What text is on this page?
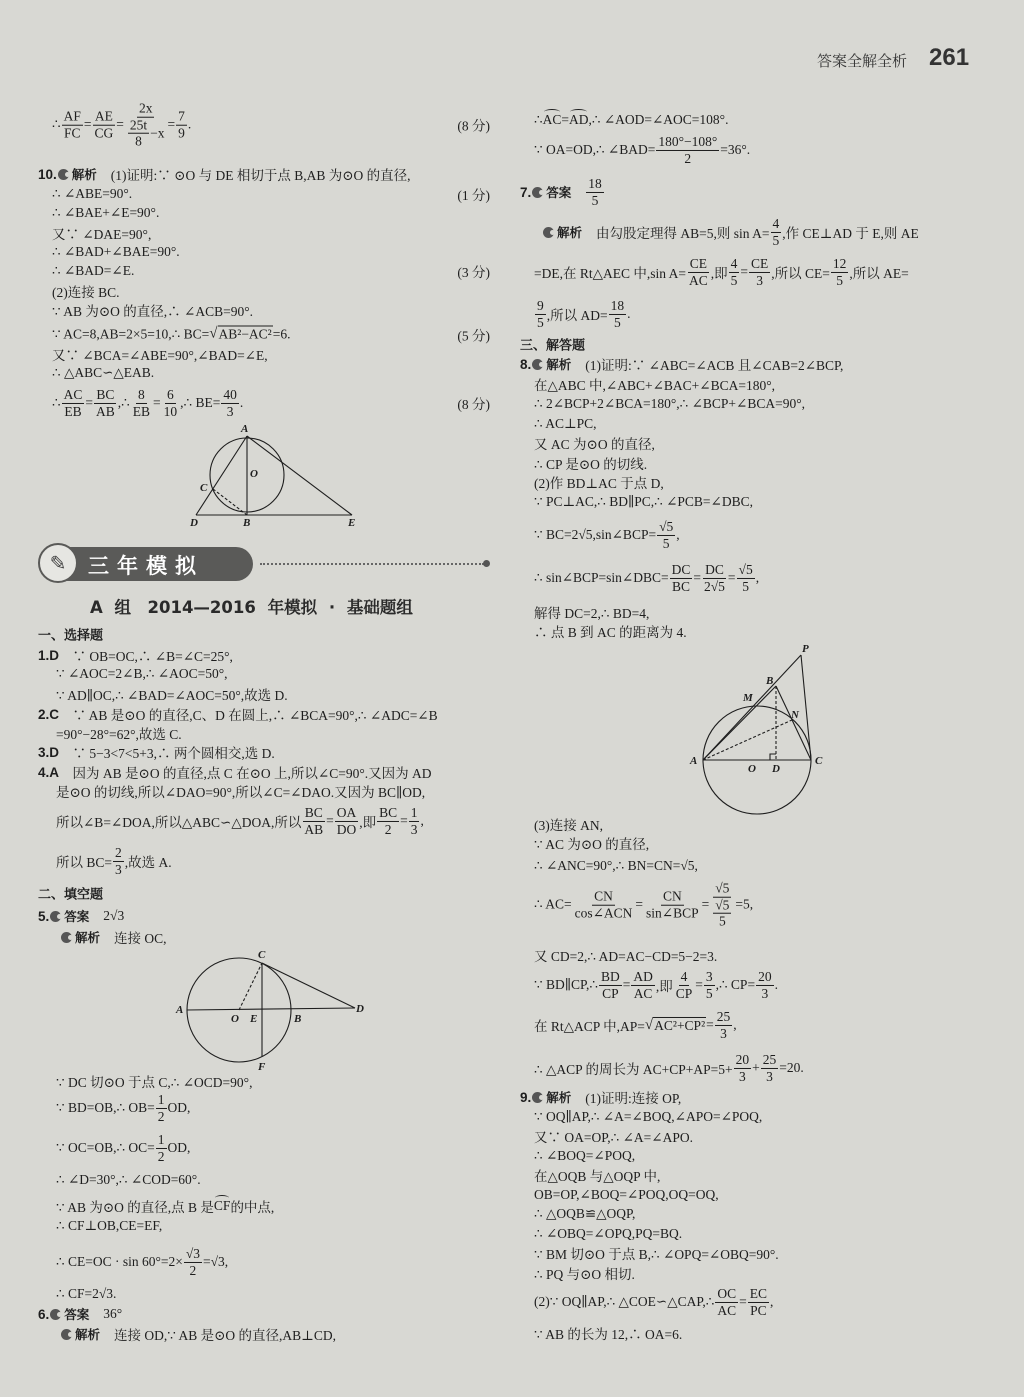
答案全解全析 261
∴ $\frac{AF}{FC} = \frac{AE}{CG} = \frac{2x}{\frac{25t}{8} -x} = \frac{7}{9}$ .	(8 分)
10. 解析 (1)证明:∵ ⊙O 与 DE 相切于点 B,AB 为⊙O 的直径,
∴ ∠ABE=90°.	(1 分)
∴ ∠BAE+∠E=90°.
又∵ ∠DAE=90°,
∴ ∠BAD+∠BAE=90°.
∴ ∠BAD=∠E.	(3 分)
(2)连接 BC.
∵ AB 为⊙O 的直径,∴ ∠ACB=90°.
∵ AC=8,AB=2×5=10,∴ BC= √ AB²−AC² =6.	(5 分)
又∵ ∠BCA=∠ABE=90°,∠BAD=∠E,
∴ △ABC∽△EAB.
∴ $\frac{AC}{EB} = \frac{BC}{AB}$ ,∴ $\frac{8}{EB} = \frac{6}{10}$ ,∴ $BE= \frac{40}{3}$ .	(8 分)
一、选择题
1.D 　∵ OB=OC,∴ ∠B=∠C=25°,
∵ ∠AOC=2∠B,∴ ∠AOC=50°,
∵ AD∥OC,∴ ∠BAD=∠AOC=50°,故选 D.
2.C 　∵ AB 是⊙O 的直径,C、D 在圆上,∴ ∠BCA=90°,∴ ∠ADC=∠B
=90°−28°=62°,故选 C.
3.D 　∵ 5−3<7<5+3,∴ 两个圆相交,选 D.
4.A 　因为 AB 是⊙O 的直径,点 C 在⊙O 上,所以∠C=90°.又因为 AD
是⊙O 的切线,所以∠DAO=90°,所以∠C=∠DAO.又因为 BC∥OD,
所以∠B=∠DOA,所以△ABC∽△DOA,所以 $\frac{BC}{AB} = \frac{OA}{DO}$ ,即 $\frac{BC}{2} = \frac{1}{3}$ ,
所以 $BC= \frac{2}{3}$ ,故选 A.
二、填空题
5. 答案 2√3
解析 连接 OC,
∵ DC 切⊙O 于点 C,∴ ∠OCD=90°,
∵ BD=OB,∴ $OB= \frac{1}{2}$ OD,
∵ OC=OB,∴ $OC= \frac{1}{2}$ OD,
∴ ∠D=30°,∴ ∠COD=60°.
∵ AB 为⊙O 的直径,点 B 是 CF 的中点,
∴ CF⊥OB,CE=EF,
∴ $CE=OC \cdot \sin 60^\circ=2\times \frac{√3}{2} =√3$,
∴ CF=2√3.
6. 答案 36°
解析 连接 OD,∵ AB 是⊙O 的直径,AB⊥CD,
∴ AC = AD ,∴ ∠AOD=∠AOC=108°.
∵ OA=OD,∴ ∠BAD= $\frac{180^\circ-108^\circ}{2} =36^\circ$.
7. 答案 $\frac{18}{5}$
解析 由勾股定理得 AB=5,则 $\sin A= \frac{4}{5}$ ,作 CE⊥AD 于 E,则 AE
=DE,在 Rt△AEC 中,sin $A= \frac{CE}{AC}$ ,即 $\frac{4}{5} = \frac{CE}{3}$ ,所以 $CE= \frac{12}{5}$ ,所以 AE=
$\frac{9}{5}$ ,所以 $AD= \frac{18}{5}$ .
三、解答题
8. 解析 (1)证明:∵ ∠ABC=∠ACB 且∠CAB=2∠BCP,
在△ABC 中,∠ABC+∠BAC+∠BCA=180°,
∴ 2∠BCP+2∠BCA=180°,∴ ∠BCP+∠BCA=90°,
∴ AC⊥PC,
又 AC 为⊙O 的直径,
∴ CP 是⊙O 的切线.
(2)作 BD⊥AC 于点 D,
∵ PC⊥AC,∴ BD∥PC,∴ ∠PCB=∠DBC,
∵ BC=2√5,sin∠BCP= $\frac{√5}{5}$ ,
∴ sin∠BCP=sin∠DBC= $\frac{DC}{BC} = \frac{DC}{2√5} = \frac{√5}{5}$ ,
解得 DC=2,∴ BD=4,
∴ 点 B 到 AC 的距离为 4.
(3)连接 AN,
∵ AC 为⊙O 的直径,
∴ ∠ANC=90°,∴ BN=CN=√5,
∴ $AC= \frac{CN}{\text{cos∠ACN}} = \frac{CN}{\text{sin∠BCP}} = \frac{√5}{\frac{√5}{5}} =5$,
又 CD=2,∴ AD=AC−CD=5−2=3.
∵ BD∥CP,∴ $\frac{BD}{CP} = \frac{AD}{AC}$ ,即 $\frac{4}{CP} = \frac{3}{5}$ ,∴ $CP= \frac{20}{3}$ .
在 Rt△ACP 中,AP= √ $AC^2+CP^2 = \frac{25}{3}$ ,
∴ △ACP 的周长为 $AC+CP+AP=5+ \frac{20}{3} + \frac{25}{3} =20$.
9. 解析 (1)证明:连接 OP,
∵ OQ∥AP,∴ ∠A=∠BOQ,∠APO=∠POQ,
又∵ OA=OP,∴ ∠A=∠APO.
∴ ∠BOQ=∠POQ,
在△OQB 与△OQP 中,
OB=OP,∠BOQ=∠POQ,OQ=OQ,
∴ △OQB≌△OQP,
∴ ∠OBQ=∠OPQ,PQ=BQ.
∵ BM 切⊙O 于点 B,∴ ∠OPQ=∠OBQ=90°.
∴ PQ 与⊙O 相切.
(2)∵ OQ∥AP,∴ △COE∽△CAP,∴ $\frac{OC}{AC} = \frac{EC}{PC}$ ,
∵ AB 的长为 12,∴ OA=6.
✎	三年模拟
A 组　2014—2016 年模拟 · 基础题组
A
O
C
D	B	E
C
A
O E	B
D
F
P
B
M
N
A
O D
C
